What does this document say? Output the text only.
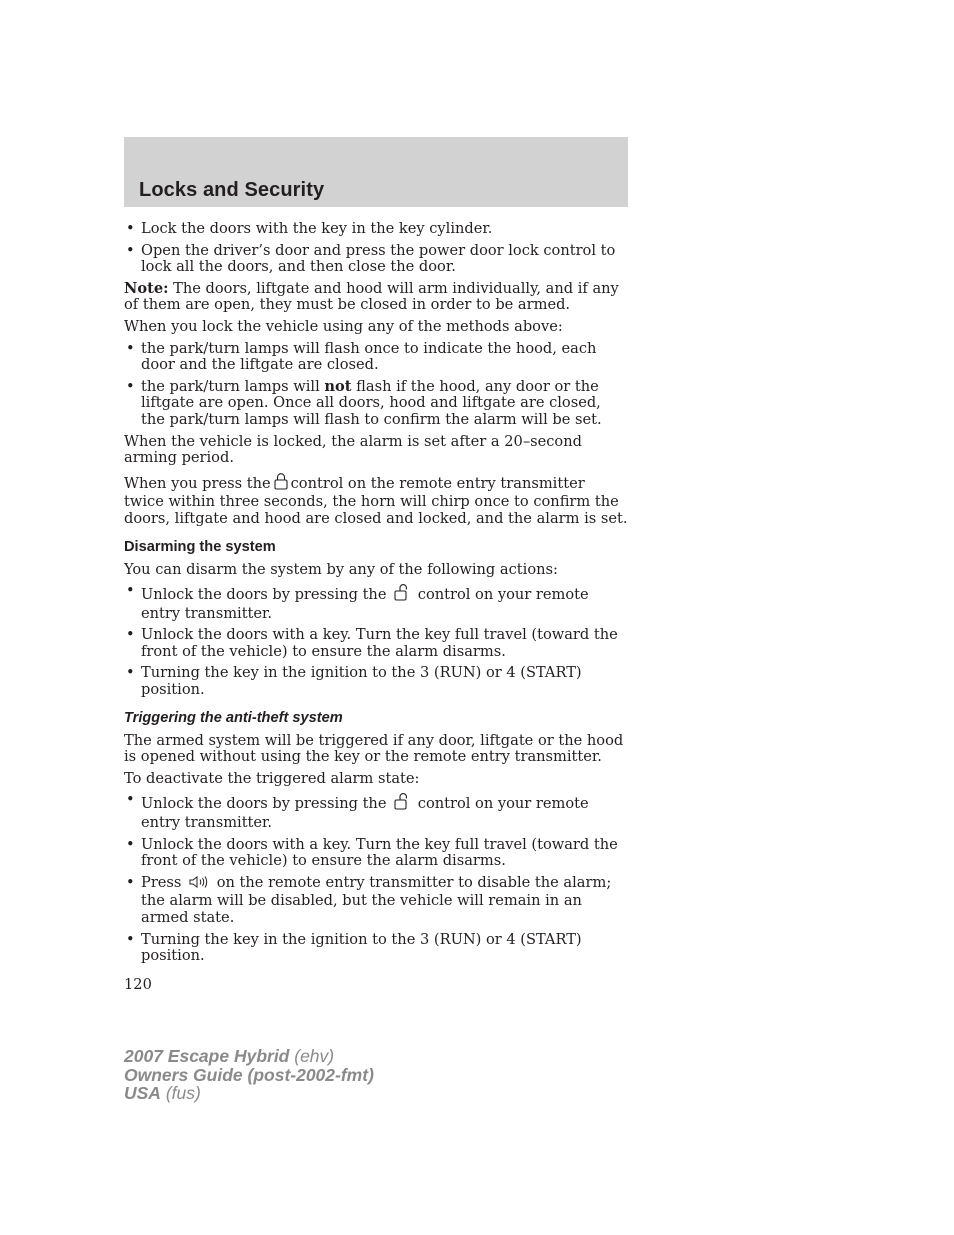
Locks and Security
• Lock the doors with the key in the key cylinder.
• Open the driver’s door and press the power door lock control to lock all the doors, and then close the door.

Note: The doors, liftgate and hood will arm individually, and if any of them are open, they must be closed in order to be armed.

When you lock the vehicle using any of the methods above:

• the park/turn lamps will flash once to indicate the hood, each door and the liftgate are closed.
• the park/turn lamps will not flash if the hood, any door or the liftgate are open. Once all doors, hood and liftgate are closed, the park/turn lamps will flash to confirm the alarm will be set.

When the vehicle is locked, the alarm is set after a 20–second arming period.

When you press the control on the remote entry transmitter twice within three seconds, the horn will chirp once to confirm the doors, liftgate and hood are closed and locked, and the alarm is set.

Disarming the system

You can disarm the system by any of the following actions:

• Unlock the doors by pressing the control on your remote entry transmitter.
• Unlock the doors with a key. Turn the key full travel (toward the front of the vehicle) to ensure the alarm disarms.
• Turning the key in the ignition to the 3 (RUN) or 4 (START) position.
Triggering the anti-theft system

The armed system will be triggered if any door, liftgate or the hood is opened without using the key or the remote entry transmitter.

To deactivate the triggered alarm state:

• Unlock the doors by pressing the control on your remote entry transmitter.
• Unlock the doors with a key. Turn the key full travel (toward the front of the vehicle) to ensure the alarm disarms.
• Press on the remote entry transmitter to disable the alarm; the alarm will be disabled, but the vehicle will remain in an armed state.
• Turning the key in the ignition to the 3 (RUN) or 4 (START) position.
120
2007 Escape Hybrid (ehv)
Owners Guide (post-2002-fmt)
USA (fus)
